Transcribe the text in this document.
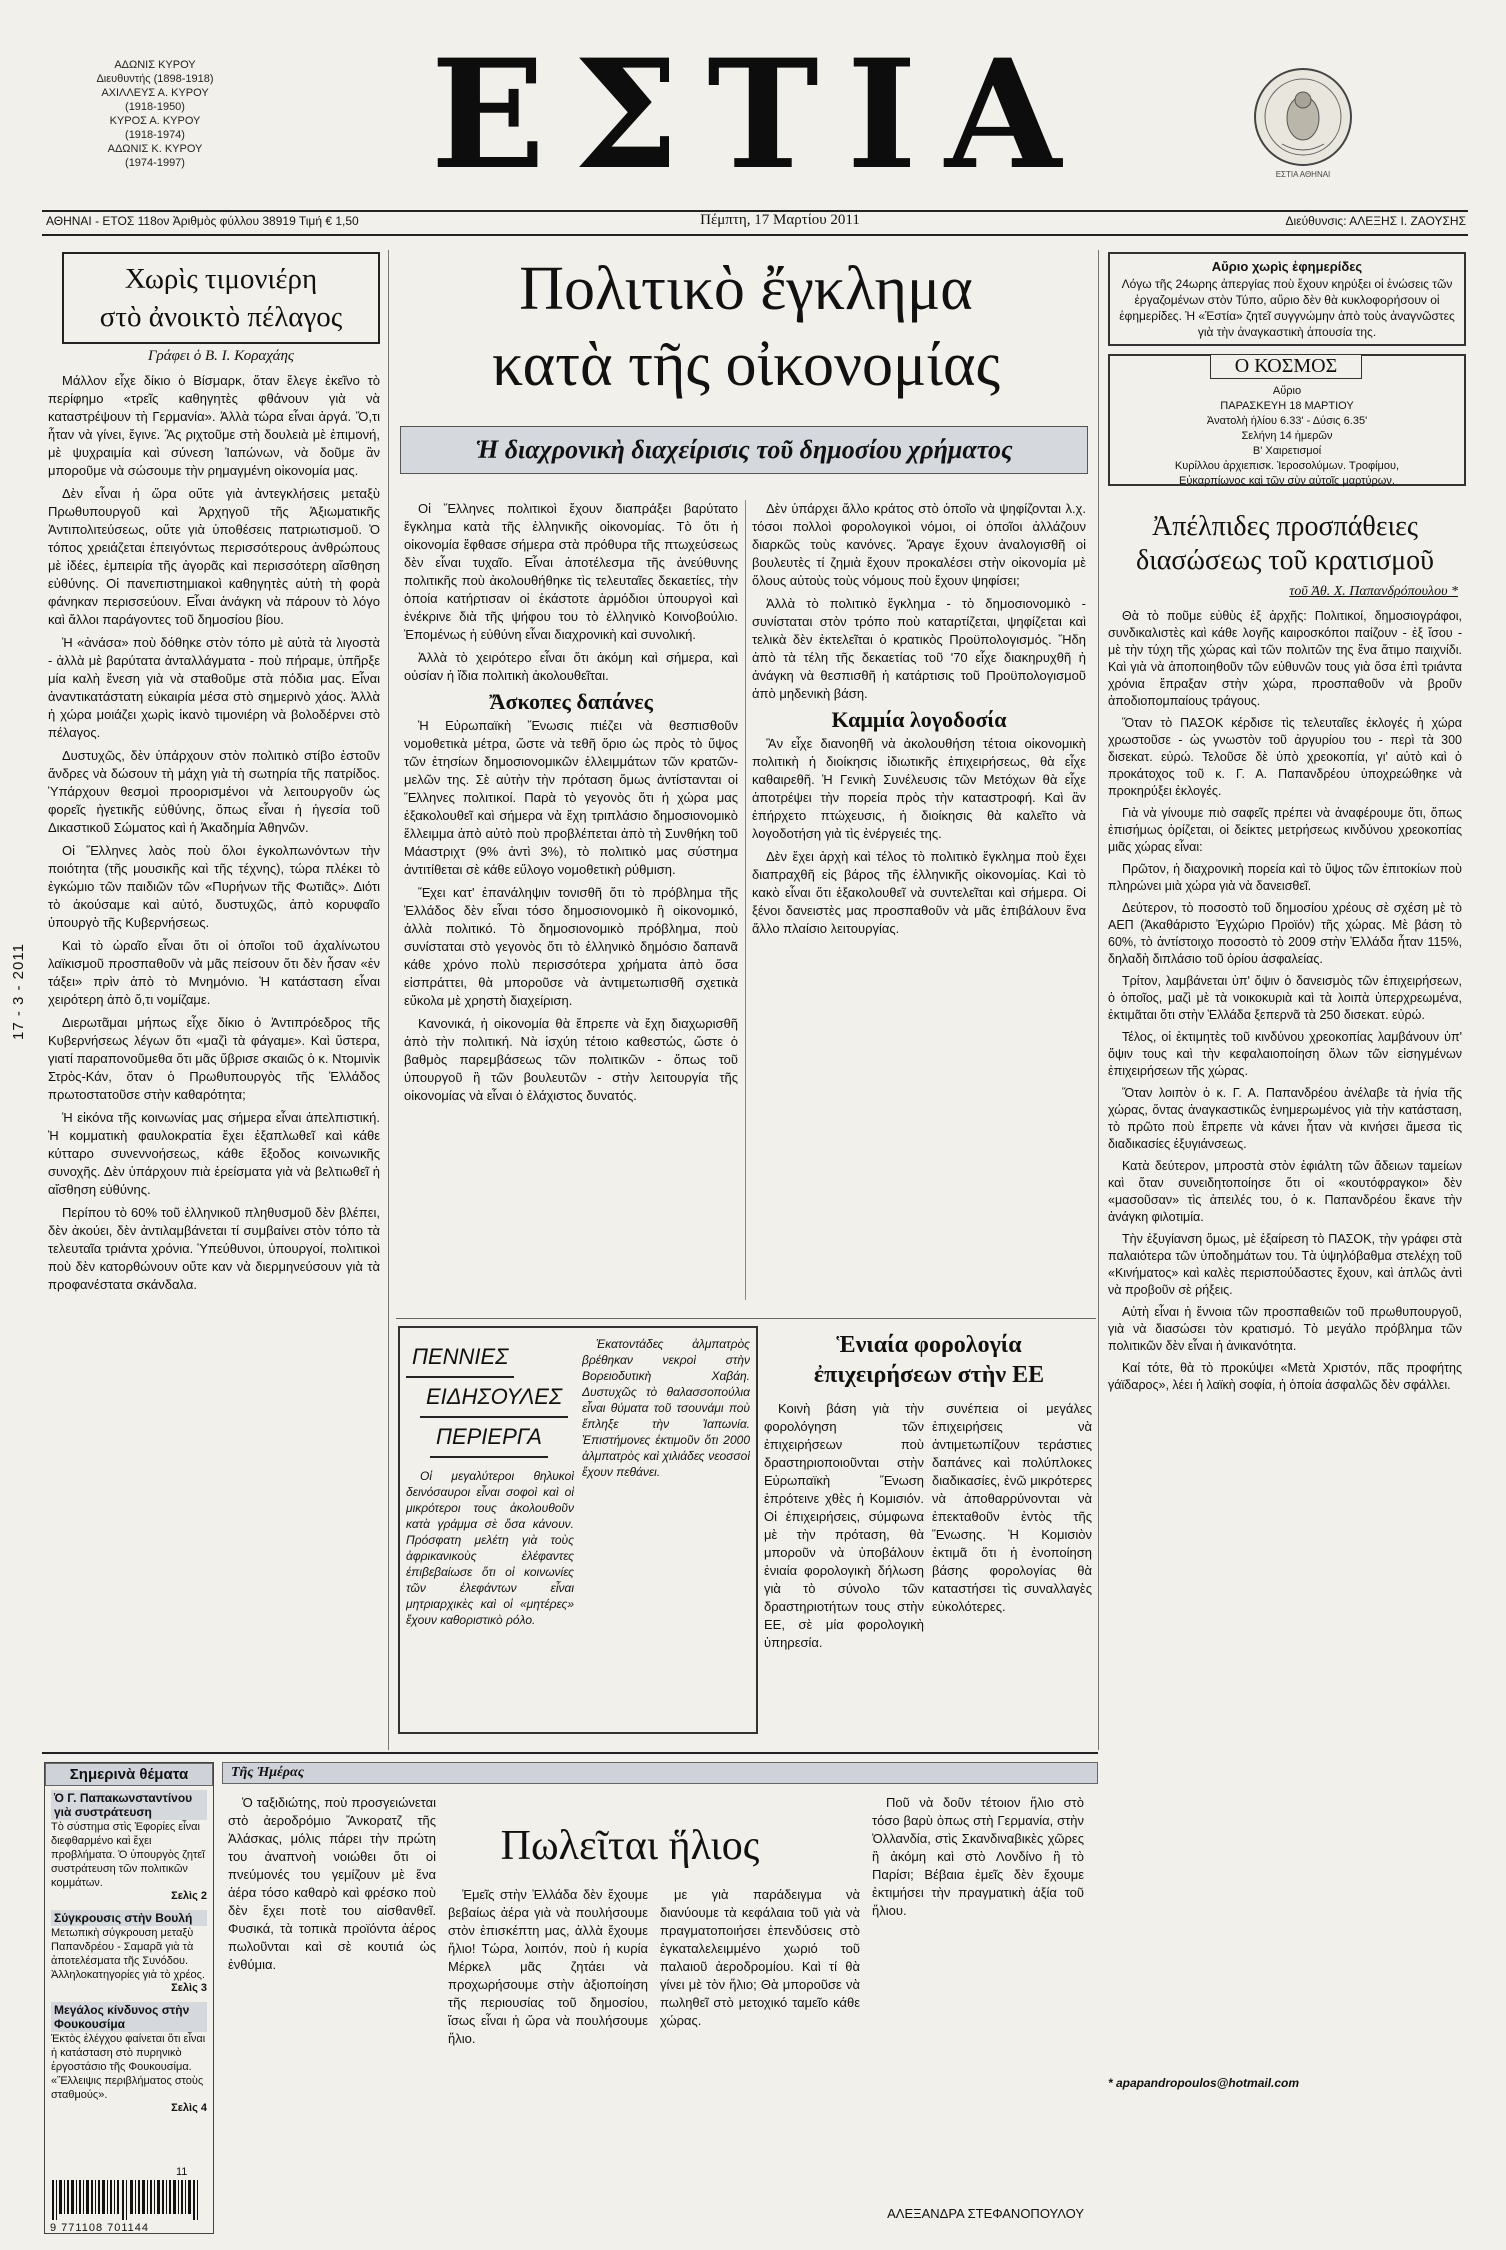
ΑΔΩΝΙΣ ΚΥΡΟΥ
Διευθυντής (1898-1918)
ΑΧΙΛΛΕΥΣ Α. ΚΥΡΟΥ
(1918-1950)
ΚΥΡΟΣ Α. ΚΥΡΟΥ
(1918-1974)
ΑΔΩΝΙΣ Κ. ΚΥΡΟΥ
(1974-1997)	ΕΣΤΙΑ	ΕΣΤΙΑ ΑΘΗΝΑΙ
ΑΘΗΝΑΙ - ΕΤΟΣ 118ον Ἀριθμὸς φύλλου 38919 Τιμή € 1,50	Πέμπτη, 17 Μαρτίου 2011	Διεύθυνσις: ΑΛΕΞΗΣ Ι. ΖΑΟΥΣΗΣ
17 - 3 - 2011
Χωρὶς τιμονιέρη
στὸ ἀνοικτὸ πέλαγος
Γράφει ὁ Β. Ι. Κοραχάης

Μάλλον εἶχε δίκιο ὁ Βίσμαρκ, ὅταν ἔλεγε ἐκεῖνο τὸ περίφημο «τρεῖς καθηγητὲς φθάνουν γιὰ νὰ καταστρέψουν τὴ Γερμανία». Ἀλλὰ τώρα εἶναι ἀργά. Ὅ,τι ἦταν νὰ γίνει, ἔγινε. Ἂς ριχτοῦμε στὴ δουλειὰ μὲ ἐπιμονή, μὲ ψυχραιμία καὶ σύνεση Ἰαπώνων, νὰ δοῦμε ἂν μποροῦμε νὰ σώσουμε τὴν ρημαγμένη οἰκονομία μας.

Δὲν εἶναι ἡ ὥρα οὔτε γιὰ ἀντεγκλήσεις μεταξὺ Πρωθυπουργοῦ καὶ Ἀρχηγοῦ τῆς Ἀξιωματικῆς Ἀντιπολιτεύσεως, οὔτε γιὰ ὑποθέσεις πατριωτισμοῦ. Ὁ τόπος χρειάζεται ἐπειγόντως περισσότερους ἀνθρώπους μὲ ἰδέες, ἐμπειρία τῆς ἀγορᾶς καὶ περισσότερη αἴσθηση εὐθύνης. Οἱ πανεπιστημιακοὶ καθηγητὲς αὐτὴ τὴ φορὰ φάνηκαν περισσεύουν. Εἶναι ἀνάγκη νὰ πάρουν τὸ λόγο καὶ ἄλλοι παράγοντες τοῦ δημοσίου βίου.

Ἡ «ἀνάσα» ποὺ δόθηκε στὸν τόπο μὲ αὐτὰ τὰ λιγοστὰ - ἀλλὰ μὲ βαρύτατα ἀνταλλάγματα - ποὺ πήραμε, ὑπῆρξε μία καλὴ ἔνεση γιὰ νὰ σταθοῦμε στὰ πόδια μας. Εἶναι ἀναντικατάστατη εὐκαιρία μέσα στὸ σημερινὸ χάος. Ἀλλὰ ἡ χώρα μοιάζει χωρὶς ἱκανὸ τιμονιέρη νὰ βολοδέρνει στὸ πέλαγος.

Δυστυχῶς, δὲν ὑπάρχουν στὸν πολιτικὸ στίβο ἐστοῦν ἄνδρες νὰ δώσουν τὴ μάχη γιὰ τὴ σωτηρία τῆς πατρίδος. Ὑπάρχουν θεσμοὶ προορισμένοι νὰ λειτουργοῦν ὡς φορεῖς ἠγετικῆς εὐθύνης, ὅπως εἶναι ἡ ἡγεσία τοῦ Δικαστικοῦ Σώματος καὶ ἡ Ἀκαδημία Ἀθηνῶν.

Οἱ Ἕλληνες λαὸς ποὺ ὅλοι ἐγκολπωνόντων τὴν ποιότητα (τῆς μουσικῆς καὶ τῆς τέχνης), τώρα πλέκει τὸ ἐγκώμιο τῶν παιδιῶν τῶν «Πυρήνων τῆς Φωτιᾶς». Διότι τὸ ἀκούσαμε καὶ αὐτό, δυστυχῶς, ἀπὸ κορυφαῖο ὑπουργὸ τῆς Κυβερνήσεως.

Καὶ τὸ ὡραῖο εἶναι ὅτι οἱ ὁποῖοι τοῦ ἀχαλίνωτου λαϊκισμοῦ προσπαθοῦν νὰ μᾶς πείσουν ὅτι δὲν ἦσαν «ἐν τάξει» πρὶν ἀπὸ τὸ Μνημόνιο. Ἡ κατάσταση εἶναι χειρότερη ἀπὸ ὅ,τι νομίζαμε.

Διερωτᾶμαι μήπως εἶχε δίκιο ὁ Ἀντιπρόεδρος τῆς Κυβερνήσεως λέγων ὅτι «μαζὶ τὰ φάγαμε». Καὶ ὕστερα, γιατί παραπονοῦμεθα ὅτι μᾶς ὕβρισε σκαιῶς ὁ κ. Ντομινὶκ Στρὸς-Κάν, ὅταν ὁ Πρωθυπουργὸς τῆς Ἑλλάδος πρωτοστατοῦσε στὴν καθαρότητα;

Ἡ εἰκόνα τῆς κοινωνίας μας σήμερα εἶναι ἀπελπιστική. Ἡ κομματικὴ φαυλοκρατία ἔχει ἐξαπλωθεῖ καὶ κάθε κύτταρο συνεννοήσεως, κάθε ἔξοδος κοινωνικῆς συνοχῆς. Δὲν ὑπάρχουν πιὰ ἐρείσματα γιὰ νὰ βελτιωθεῖ ἡ αἴσθηση εὐθύνης.

Περίπου τὸ 60% τοῦ ἐλληνικοῦ πληθυσμοῦ δὲν βλέπει, δὲν ἀκούει, δὲν ἀντιλαμβάνεται τί συμβαίνει στὸν τόπο τὰ τελευταῖα τριάντα χρόνια. Ὑπεύθυνοι, ὑπουργοί, πολιτικοὶ ποὺ δὲν κατορθώνουν οὔτε καν νὰ διερμηνεύσουν γιὰ τὰ προφανέστατα σκάνδαλα.

Πολιτικὸ ἔγκλημα
κατὰ τῆς οἰκονομίας
Ἡ διαχρονικὴ διαχείρισις τοῦ δημοσίου χρήματος

Οἱ Ἕλληνες πολιτικοὶ ἔχουν διαπράξει βαρύτατο ἔγκλημα κατὰ τῆς ἑλληνικῆς οἰκονομίας. Τὸ ὅτι ἡ οἰκονομία ἔφθασε σήμερα στὰ πρόθυρα τῆς πτωχεύσεως δὲν εἶναι τυχαῖο. Εἶναι ἀποτέλεσμα τῆς ἀνεύθυνης πολιτικῆς ποὺ ἀκολουθήθηκε τὶς τελευταῖες δεκαετίες, τὴν ὁποία κατήρτισαν οἱ ἑκάστοτε ἁρμόδιοι ὑπουργοὶ καὶ ἐνέκρινε διὰ τῆς ψήφου του τὸ ἑλληνικὸ Κοινοβούλιο. Ἑπομένως ἡ εὐθύνη εἶναι διαχρονικὴ καὶ συνολική.

Ἀλλὰ τὸ χειρότερο εἶναι ὅτι ἀκόμη καὶ σήμερα, καὶ οὐσίαν ἡ ἴδια πολιτικὴ ἀκολουθεῖται.

Ἄσκοπες δαπάνες

Ἡ Εὐρωπαϊκὴ Ἕνωσις πιέζει νὰ θεσπισθοῦν νομοθετικὰ μέτρα, ὥστε νὰ τεθῆ ὅριο ὡς πρὸς τὸ ὕψος τῶν ἐτησίων δημοσιονομικῶν ἐλλειμμάτων τῶν κρατῶν-μελῶν της. Σὲ αὐτὴν τὴν πρόταση ὅμως ἀντίστανται οἱ Ἕλληνες πολιτικοί. Παρὰ τὸ γεγονὸς ὅτι ἡ χώρα μας ἐξακολουθεῖ καὶ σήμερα νὰ ἔχη τριπλάσιο δημοσιονομικὸ ἔλλειμμα ἀπὸ αὐτὸ ποὺ προβλέπεται ἀπὸ τὴ Συνθήκη τοῦ Μάαστριχτ (9% ἀντὶ 3%), τὸ πολιτικὸ μας σύστημα ἀντιτίθεται σὲ κάθε εὔλογο νομοθετικὴ ρύθμιση.

Ἔχει κατ' ἐπανάληψιν τονισθῆ ὅτι τὸ πρόβλημα τῆς Ἑλλάδος δὲν εἶναι τόσο δημοσιονομικὸ ἢ οἰκονομικό, ἀλλὰ πολιτικό. Τὸ δημοσιονομικὸ πρόβλημα, ποὺ συνίσταται στὸ γεγονὸς ὅτι τὸ ἑλληνικὸ δημόσιο δαπανᾶ κάθε χρόνο πολὺ περισσότερα χρήματα ἀπὸ ὅσα εἰσπράττει, θὰ μποροῦσε νὰ ἀντιμετωπισθῆ σχετικὰ εὔκολα μὲ χρηστὴ διαχείριση.

Κανονικά, ἡ οἰκονομία θὰ ἔπρεπε νὰ ἔχη διαχωρισθῆ ἀπὸ τὴν πολιτική. Νὰ ἰσχύη τέτοιο καθεστώς, ὥστε ὁ βαθμὸς παρεμβάσεως τῶν πολιτικῶν - ὅπως τοῦ ὑπουργοῦ ἢ τῶν βουλευτῶν - στὴν λειτουργία τῆς οἰκονομίας νὰ εἶναι ὁ ἐλάχιστος δυνατός.

Δὲν ὑπάρχει ἄλλο κράτος στὸ ὁποῖο νὰ ψηφίζονται λ.χ. τόσοι πολλοὶ φορολογικοὶ νόμοι, οἱ ὁποῖοι ἀλλάζουν διαρκῶς τοὺς κανόνες. Ἄραγε ἔχουν ἀναλογισθῆ οἱ βουλευτὲς τί ζημιὰ ἔχουν προκαλέσει στὴν οἰκονομία μὲ ὅλους αὐτοὺς τοὺς νόμους ποὺ ἔχουν ψηφίσει;

Ἀλλὰ τὸ πολιτικὸ ἔγκλημα - τὸ δημοσιονομικὸ - συνίσταται στὸν τρόπο ποὺ καταρτίζεται, ψηφίζεται καὶ τελικὰ δὲν ἐκτελεῖται ὁ κρατικὸς Προϋπολογισμός. Ἤδη ἀπὸ τὰ τέλη τῆς δεκαετίας τοῦ '70 εἶχε διακηρυχθῆ ἡ ἀνάγκη νὰ θεσπισθῆ ἡ κατάρτισις τοῦ Προϋπολογισμοῦ ἀπὸ μηδενικὴ βάση.

Καμμία λογοδοσία

Ἂν εἶχε διανοηθῆ νὰ ἀκολουθήση τέτοια οἰκονομικὴ πολιτικὴ ἡ διοίκησις ἰδιωτικῆς ἐπιχειρήσεως, θὰ εἶχε καθαιρεθῆ. Ἡ Γενικὴ Συνέλευσις τῶν Μετόχων θὰ εἶχε ἀποτρέψει τὴν πορεία πρὸς τὴν καταστροφή. Καὶ ἂν ἐπήρχετο πτώχευσις, ἡ διοίκησις θὰ καλεῖτο νὰ λογοδοτήση γιὰ τὶς ἐνέργειές της.

Δὲν ἔχει ἀρχὴ καὶ τέλος τὸ πολιτικὸ ἔγκλημα ποὺ ἔχει διαπραχθῆ εἰς βάρος τῆς ἑλληνικῆς οἰκονομίας. Καὶ τὸ κακὸ εἶναι ὅτι ἐξακολουθεῖ νὰ συντελεῖται καὶ σήμερα. Οἱ ξένοι δανειστὲς μας προσπαθοῦν νὰ μᾶς ἐπιβάλουν ἕνα ἄλλο πλαίσιο λειτουργίας.

ΠΕΝΝΙΕΣ
ΕΙΔΗΣΟΥΛΕΣ
ΠΕΡΙΕΡΓΑ

Οἱ μεγαλύτεροι θηλυκοὶ δεινόσαυροι εἶναι σοφοὶ καὶ οἱ μικρότεροι τους ἀκολουθοῦν κατὰ γράμμα σὲ ὅσα κάνουν. Πρόσφατη μελέτη γιὰ τοὺς ἀφρικανικοὺς ἐλέφαντες ἐπιβεβαίωσε ὅτι οἱ κοινωνίες τῶν ἐλεφάντων εἶναι μητριαρχικὲς καὶ οἱ «μητέρες» ἔχουν καθοριστικὸ ρόλο.

Ἑκατοντάδες ἀλμπατρὸς βρέθηκαν νεκροὶ στὴν Βορειοδυτικὴ Χαβάη. Δυστυχῶς τὸ θαλασσοπούλια εἶναι θύματα τοῦ τσουνάμι ποὺ ἔπληξε τὴν Ἰαπωνία. Ἐπιστήμονες ἐκτιμοῦν ὅτι 2000 ἀλμπατρὸς καὶ χιλιάδες νεοσσοὶ ἔχουν πεθάνει.

Ἑνιαία φορολογία
ἐπιχειρήσεων στὴν ΕΕ

Κοινὴ βάση γιὰ τὴν φορολόγηση τῶν ἐπιχειρήσεων ποὺ δραστηριοποιοῦνται στὴν Εὐρωπαϊκὴ Ἕνωση ἐπρότεινε χθὲς ἡ Κομισιόν. Οἱ ἐπιχειρήσεις, σύμφωνα μὲ τὴν πρόταση, θὰ μποροῦν νὰ ὑποβάλουν ἐνιαία φορολογικὴ δήλωση γιὰ τὸ σύνολο τῶν δραστηριοτήτων τους στὴν ΕΕ, σὲ μία φορολογικὴ ὑπηρεσία.

συνέπεια οἱ μεγάλες ἐπιχειρήσεις νὰ ἀντιμετωπίζουν τεράστιες δαπάνες καὶ πολύπλοκες διαδικασίες, ἐνῶ μικρότερες νὰ ἀποθαρρύνονται νὰ ἐπεκταθοῦν ἐντὸς τῆς Ἕνωσης. Ἡ Κομισιὸν ἐκτιμᾶ ὅτι ἡ ἐνοποίηση βάσης φορολογίας θὰ καταστήσει τὶς συναλλαγὲς εὐκολότερες.

Αὔριο χωρὶς ἐφημερίδες
Λόγω τῆς 24ωρης ἀπεργίας ποὺ ἔχουν κηρύξει οἱ ἑνώσεις τῶν ἐργαζομένων στὸν Τύπο, αὔριο δὲν θὰ κυκλοφορήσουν οἱ ἐφημερίδες. Ἡ «Ἑστία» ζητεῖ συγγνώμην ἀπὸ τοὺς ἀναγνῶστες γιὰ τὴν ἀναγκαστικὴ ἀπουσία της.
Ο ΚΟΣΜΟΣ
Αὔριο
ΠΑΡΑΣΚΕΥΗ 18 ΜΑΡΤΙΟΥ
Ἀνατολὴ ἡλίου 6.33' - Δύσις 6.35'
Σελήνη 14 ἡμερῶν
Β' Χαιρετισμοί
Κυρίλλου ἀρχιεπισκ. Ἱεροσολύμων. Τροφίμου,
Εὐκαρπίωνος καὶ τῶν σὺν αὐτοῖς μαρτύρων.
Ἀπέλπιδες προσπάθειες
διασώσεως τοῦ κρατισμοῦ
τοῦ Ἀθ. Χ. Παπανδρόπουλου *

Θὰ τὸ ποῦμε εὐθὺς ἐξ ἀρχῆς: Πολιτικοί, δημοσιογράφοι, συνδικαλιστὲς καὶ κάθε λογῆς καιροσκόποι παίζουν - ἐξ ἴσου - μὲ τὴν τύχη τῆς χώρας καὶ τῶν πολιτῶν της ἕνα ἄτιμο παιχνίδι. Καὶ γιὰ νὰ ἀποποιηθοῦν τῶν εὐθυνῶν τους γιὰ ὅσα ἐπὶ τριάντα χρόνια ἔπραξαν στὴν χώρα, προσπαθοῦν νὰ βροῦν ἀποδιοπομπαίους τράγους.

Ὅταν τὸ ΠΑΣΟΚ κέρδισε τὶς τελευταῖες ἐκλογές ἡ χώρα χρωστοῦσε - ὡς γνωστὸν τοῦ ἀργυρίου του - περὶ τὰ 300 δισεκατ. εὐρώ. Τελοῦσε δὲ ὑπὸ χρεοκοπία, γι' αὐτὸ καὶ ὁ προκάτοχος τοῦ κ. Γ. Α. Παπανδρέου ὑποχρεώθηκε νὰ προκηρύξει ἐκλογές.

Γιὰ νὰ γίνουμε πιὸ σαφεῖς πρέπει νὰ ἀναφέρουμε ὅτι, ὅπως ἐπισήμως ὁρίζεται, οἱ δείκτες μετρήσεως κινδύνου χρεοκοπίας μιᾶς χώρας εἶναι:

Πρῶτον, ἡ διαχρονικὴ πορεία καὶ τὸ ὕψος τῶν ἐπιτοκίων ποὺ πληρώνει μιὰ χώρα γιὰ νὰ δανεισθεῖ.

Δεύτερον, τὸ ποσοστὸ τοῦ δημοσίου χρέους σὲ σχέση μὲ τὸ ΑΕΠ (Ἀκαθάριστο Ἐγχώριο Προϊόν) τῆς χώρας. Μὲ βάση τὸ 60%, τὸ ἀντίστοιχο ποσοστὸ τὸ 2009 στὴν Ἑλλάδα ἦταν 115%, δηλαδὴ διπλάσιο τοῦ ὁρίου ἀσφαλείας.

Τρίτον, λαμβάνεται ὑπ' ὄψιν ὁ δανεισμὸς τῶν ἐπιχειρήσεων, ὁ ὁποῖος, μαζὶ μὲ τὰ νοικοκυριὰ καὶ τὰ λοιπὰ ὑπερχρεωμένα, ἐκτιμᾶται ὅτι στὴν Ἑλλάδα ξεπερνᾶ τὰ 250 δισεκατ. εὐρώ.

Τέλος, οἱ ἐκτιμητὲς τοῦ κινδύνου χρεοκοπίας λαμβάνουν ὑπ' ὄψιν τους καὶ τὴν κεφαλαιοποίηση ὅλων τῶν εἰσηγμένων ἐπιχειρήσεων τῆς χώρας.

Ὅταν λοιπὸν ὁ κ. Γ. Α. Παπανδρέου ἀνέλαβε τὰ ἡνία τῆς χώρας, ὅντας ἀναγκαστικῶς ἐνημερωμένος γιὰ τὴν κατάσταση, τὸ πρῶτο ποὺ ἔπρεπε νὰ κάνει ἦταν νὰ κινήσει ἄμεσα τὶς διαδικασίες ἐξυγιάνσεως.

Κατὰ δεύτερον, μπροστὰ στὸν ἐφιάλτη τῶν ἄδειων ταμείων καὶ ὅταν συνειδητοποίησε ὅτι οἱ «κουτόφραγκοι» δὲν «μασοῦσαν» τὶς ἀπειλές του, ὁ κ. Παπανδρέου ἔκανε τὴν ἀνάγκη φιλοτιμία.

Τὴν ἐξυγίανση ὅμως, μὲ ἐξαίρεση τὸ ΠΑΣΟΚ, τὴν γράφει στὰ παλαιότερα τῶν ὑποδημάτων του. Τὰ ὑψηλόβαθμα στελέχη τοῦ «Κινήματος» καὶ καλὲς περισπούδαστες ἔχουν, καὶ ἀπλῶς ἀντὶ νὰ προβοῦν σὲ ρήξεις.

Αὐτὴ εἶναι ἡ ἔννοια τῶν προσπαθειῶν τοῦ πρωθυπουργοῦ, γιὰ νὰ διασώσει τὸν κρατισμό. Τὸ μεγάλο πρόβλημα τῶν πολιτικῶν δὲν εἶναι ἡ ἀνικανότητα.

Καί τότε, θὰ τὸ προκύψει «Μετὰ Χριστόν, πᾶς προφήτης γάϊδαρος», λέει ἡ λαϊκὴ σοφία, ἡ ὁποία ἀσφαλῶς δὲν σφάλλει.

* apapandropoulos@hotmail.com
Σημερινὰ θέματα
Ὁ Γ. Παπακωνσταντίνου γιὰ συστράτευση
Τὸ σύστημα στὶς Ἐφορίες εἶναι διεφθαρμένο καὶ ἔχει προβλήματα. Ὁ ὑπουργὸς ζητεῖ συστράτευση τῶν πολιτικῶν κομμάτων.
Σελὶς 2
Σύγκρουσις στὴν Βουλή
Μετωπικὴ σύγκρουση μεταξὺ Παπανδρέου - Σαμαρᾶ γιὰ τὰ ἀποτελέσματα τῆς Συνόδου. Ἀλληλοκατηγορίες γιὰ τὸ χρέος.
Σελὶς 3
Μεγάλος κίνδυνος στὴν Φουκουσίμα
Ἐκτὸς ἐλέγχου φαίνεται ὅτι εἶναι ἡ κατάσταση στὸ πυρηνικὸ ἐργοστάσιο τῆς Φουκουσίμα. «Ἔλλειψις περιβλήματος στοὺς σταθμούς».
Σελὶς 4
11
9 771108 701144
Τῆς Ἡμέρας
Πωλεῖται ἥλιος

Ὁ ταξιδιώτης, ποὺ προσγειώνεται στὸ ἀεροδρόμιο Ἄνκορατζ τῆς Ἀλάσκας, μόλις πάρει τὴν πρώτη του ἀναπνοὴ νοιώθει ὅτι οἱ πνεύμονές του γεμίζουν μὲ ἕνα ἀέρα τόσο καθαρὸ καὶ φρέσκο ποὺ δὲν ἔχει ποτὲ του αἰσθανθεῖ. Φυσικά, τὰ τοπικὰ προϊόντα ἀέρος πωλοῦνται καὶ σὲ κουτιά ὡς ἐνθύμια.

Ἐμεῖς στὴν Ἑλλάδα δὲν ἔχουμε βεβαίως ἀέρα γιὰ νὰ πουλήσουμε στὸν ἐπισκέπτη μας, ἀλλὰ ἔχουμε ἥλιο! Τώρα, λοιπόν, ποὺ ἡ κυρία Μέρκελ μᾶς ζητάει νὰ προχωρήσουμε στὴν ἀξιοποίηση τῆς περιουσίας τοῦ δημοσίου, ἴσως εἶναι ἡ ὥρα νὰ πουλήσουμε ἥλιο.

με γιὰ παράδειγμα νὰ διανύουμε τὰ κεφάλαια τοῦ γιὰ νὰ πραγματοποιήσει ἐπενδύσεις στὸ ἐγκαταλελειμμένο χωριό τοῦ παλαιοῦ ἀεροδρομίου. Καὶ τί θὰ γίνει μὲ τὸν ἥλιο; Θὰ μποροῦσε νὰ πωληθεῖ στὸ μετοχικό ταμεῖο κάθε χώρας.

Ποῦ νὰ δοῦν τέτοιον ἥλιο στὸ τόσο βαρὺ ὁπως στὴ Γερμανία, στὴν Ὀλλανδία, στὶς Σκανδιναβικὲς χῶρες ἢ ἀκόμη καὶ στὸ Λονδίνο ἢ τὸ Παρίσι; Βέβαια ἐμεῖς δὲν ἔχουμε ἐκτιμήσει τὴν πραγματικὴ ἀξία τοῦ ἥλιου.

ΑΛΕΞΑΝΔΡΑ ΣΤΕΦΑΝΟΠΟΥΛΟΥ
